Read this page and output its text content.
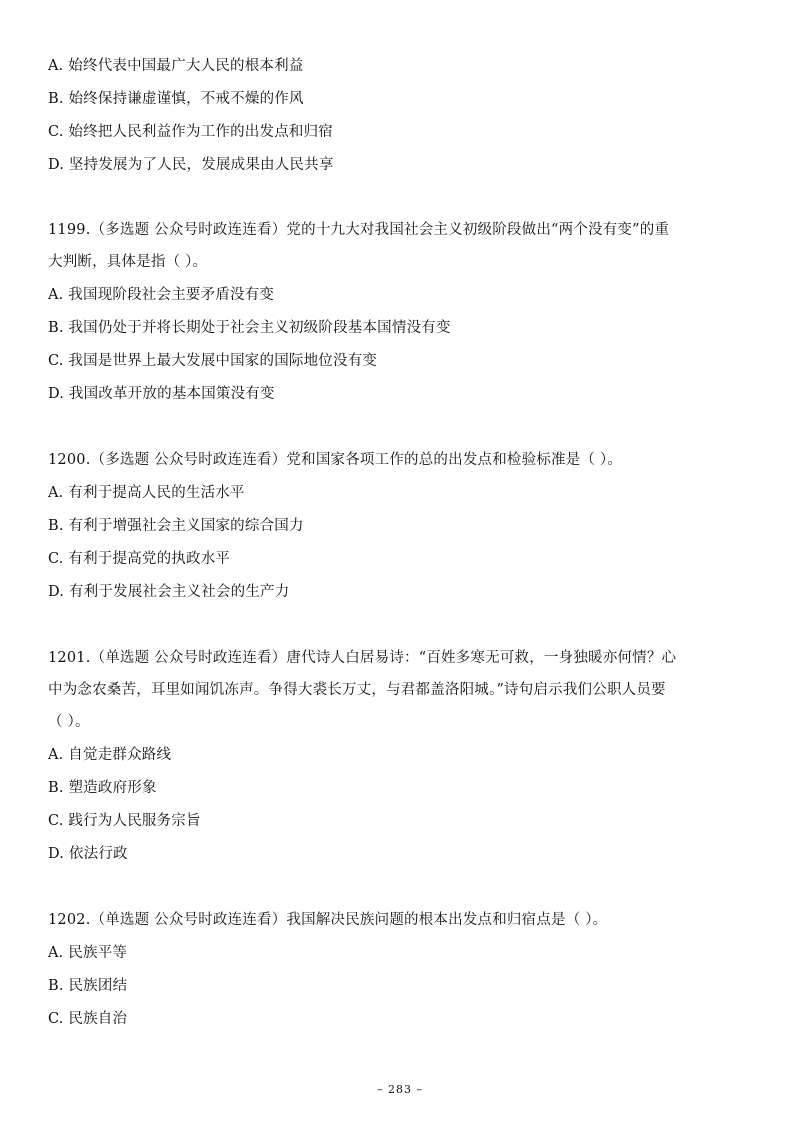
A. 始终代表中国最广大人民的根本利益
B. 始终保持谦虚谨慎，不戒不燥的作风
C. 始终把人民利益作为工作的出发点和归宿
D. 坚持发展为了人民，发展成果由人民共享
1199.（多选题 公众号时政连连看）党的十九大对我国社会主义初级阶段做出“两个没有变”的重
大判断，具体是指（ ）。
A. 我国现阶段社会主要矛盾没有变
B. 我国仍处于并将长期处于社会主义初级阶段基本国情没有变
C. 我国是世界上最大发展中国家的国际地位没有变
D. 我国改革开放的基本国策没有变
1200.（多选题 公众号时政连连看）党和国家各项工作的总的出发点和检验标准是（ ）。
A. 有利于提高人民的生活水平
B. 有利于增强社会主义国家的综合国力
C. 有利于提高党的执政水平
D. 有利于发展社会主义社会的生产力
1201.（单选题 公众号时政连连看）唐代诗人白居易诗：“百姓多寒无可救，一身独暖亦何情？心
中为念农桑苦，耳里如闻饥冻声。争得大裘长万丈，与君都盖洛阳城。”诗句启示我们公职人员要
（ ）。
A. 自觉走群众路线
B. 塑造政府形象
C. 践行为人民服务宗旨
D. 依法行政
1202.（单选题 公众号时政连连看）我国解决民族问题的根本出发点和归宿点是（ ）。
A. 民族平等
B. 民族团结
C. 民族自治
– 283 –
